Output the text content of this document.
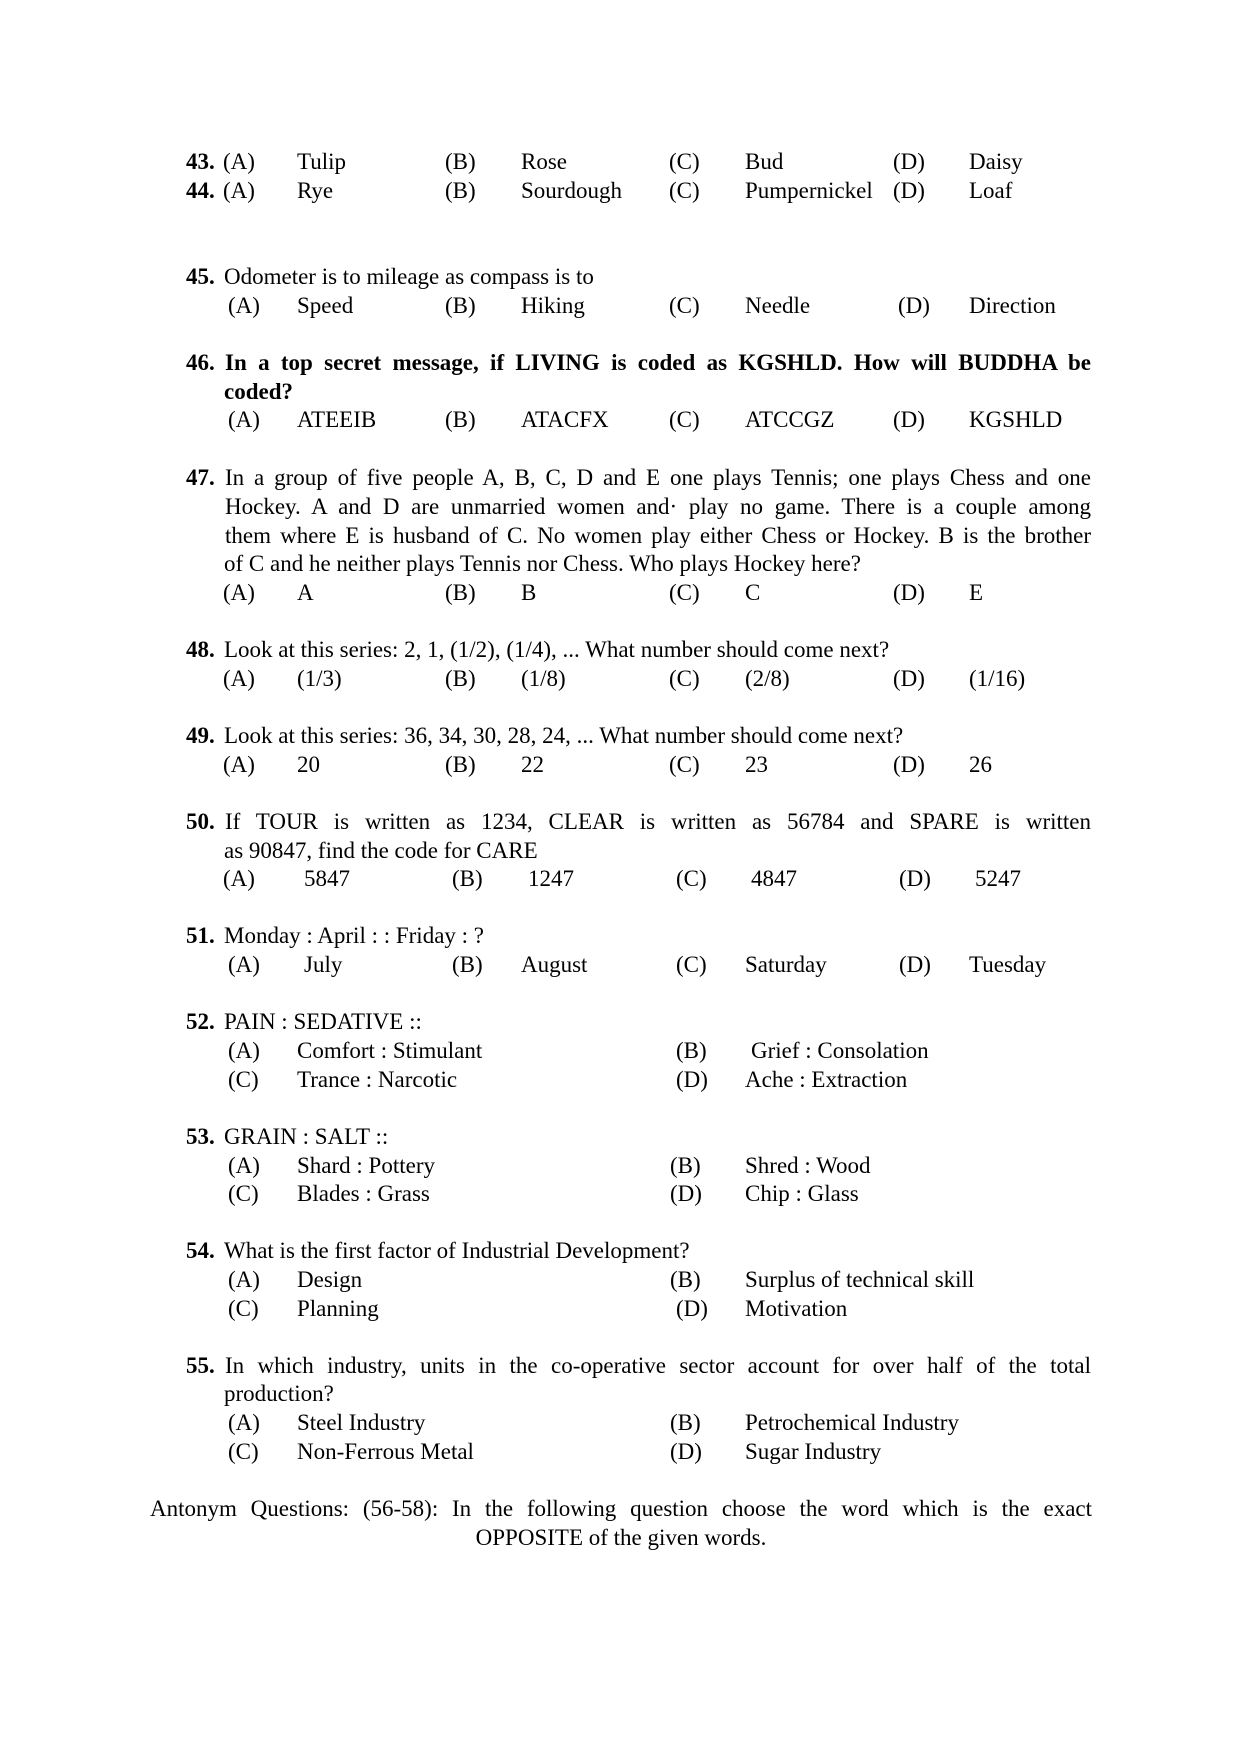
43. (A) Tulip	(B) Rose	(C) Bud	(D) Daisy
44. (A) Rye	(B) Sourdough (C) Pumpernickel (D) Loaf
45. Odometer is to mileage as compass is to
(A) Speed	(B) Hiking	(C) Needle	(D) Direction
46. In a top secret message, if LIVING is coded as KGSHLD. How will BUDDHA be
coded?
(A) ATEEIB	(B) ATACFX	(C) ATCCGZ	(D) KGSHLD
47. In a group of five people A, B, C, D and E one plays Tennis; one plays Chess and one
Hockey. A and D are unmarried women and· play no game. There is a couple among
them where E is husband of C. No women play either Chess or Hockey. B is the brother
of C and he neither plays Tennis nor Chess. Who plays Hockey here?
(A) A	(B) B	(C) C	(D) E
48. Look at this series: 2, 1, (1/2), (1/4), ... What number should come next?
(A) (1/3)	(B) (1/8)	(C) (2/8)	(D) (1/16)
49. Look at this series: 36, 34, 30, 28, 24, ... What number should come next?
(A) 20	(B) 22	(C) 23	(D) 26
50. If TOUR is written as 1234, CLEAR is written as 56784 and SPARE is written
as 90847, find the code for CARE
(A) 5847	(B) 1247	(C) 4847	(D) 5247
51. Monday : April : : Friday : ?
(A) July	(B) August	(C) Saturday	(D) Tuesday
52. PAIN : SEDATIVE ::
(A) Comfort : Stimulant	(B) Grief : Consolation
(C) Trance : Narcotic	(D) Ache : Extraction
53. GRAIN : SALT ::
(A) Shard : Pottery	(B) Shred : Wood
(C) Blades : Grass	(D) Chip : Glass
54. What is the first factor of Industrial Development?
(A) Design	(B) Surplus of technical skill
(C) Planning	(D) Motivation
55. In which industry, units in the co-operative sector account for over half of the total
production?
(A) Steel Industry	(B) Petrochemical Industry
(C) Non-Ferrous Metal	(D) Sugar Industry
Antonym Questions: (56-58): In the following question choose the word which is the exact
OPPOSITE of the given words.
